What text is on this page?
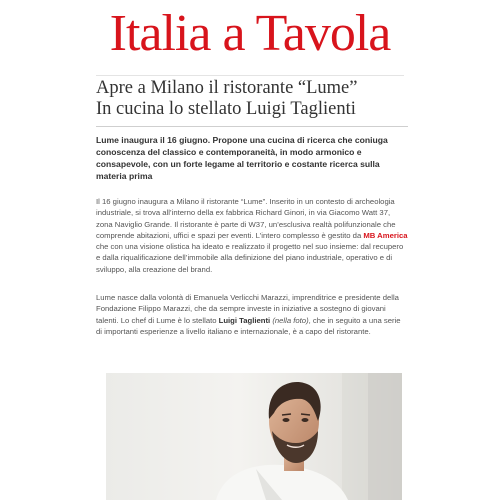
Italia a Tavola
Apre a Milano il ristorante “Lume”
In cucina lo stellato Luigi Taglienti

Lume inaugura il 16 giugno. Propone una cucina di ricerca che coniuga conoscenza del classico e contemporaneità, in modo armonico e consapevole, con un forte legame al territorio e costante ricerca sulla materia prima

Il 16 giugno inaugura a Milano il ristorante “Lume”. Inserito in un contesto di archeologia industriale, si trova all’interno della ex fabbrica Richard Ginori, in via Giacomo Watt 37, zona Naviglio Grande. Il ristorante è parte di W37, un’esclusiva realtà polifunzionale che comprende abitazioni, uffici e spazi per eventi. L’intero complesso è gestito da MB America che con una visione olistica ha ideato e realizzato il progetto nel suo insieme: dal recupero e dalla riqualificazione dell’immobile alla definizione del piano industriale, operativo e di sviluppo, alla creazione del brand.

Lume nasce dalla volontà di Emanuela Verlicchi Marazzi, imprenditrice e presidente della Fondazione Filippo Marazzi, che da sempre investe in iniziative a sostegno di giovani talenti. Lo chef di Lume è lo stellato Luigi Taglienti (nella foto), che in seguito a una serie di importanti esperienze a livello italiano e internazionale, è a capo del ristorante.
